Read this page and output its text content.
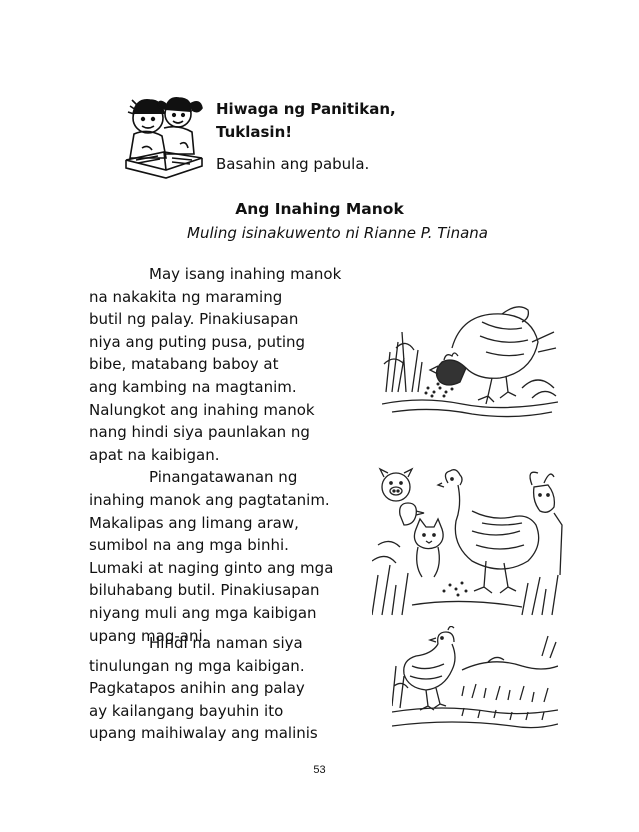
Hiwaga ng Panitikan,
Tuklasin!
Basahin ang pabula.
Ang Inahing Manok
Muling isinakuwento ni Rianne P. Tinana
May isang inahing manok
na nakakita ng maraming
butil ng palay. Pinakiusapan
niya ang puting pusa, puting
bibe, matabang baboy at
ang kambing na magtanim.
Nalungkot ang inahing manok
nang hindi siya paunlakan ng
apat na kaibigan.
Pinangatawanan ng
inahing manok ang pagtatanim.
Makalipas ang limang araw,
sumibol na ang mga binhi.
Lumaki at naging ginto ang mga
biluhabang butil. Pinakiusapan
niyang muli ang mga kaibigan
upang mag-ani.
Hindi na naman siya
tinulungan ng mga kaibigan.
Pagkatapos anihin ang palay
ay kailangang bayuhin ito
upang maihiwalay ang malinis
53
